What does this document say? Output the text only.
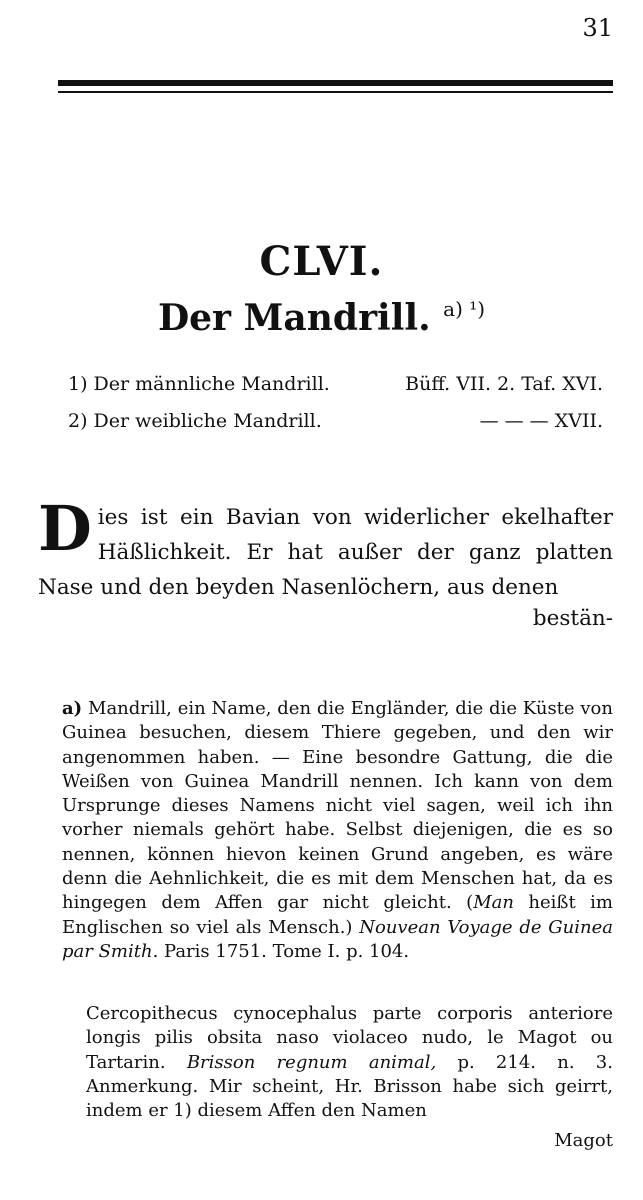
31
CLVI.
Der Mandrill. $^{a) ^1)}$
1) Der männliche Mandrill.	Büff. VII. 2. Taf. XVI.
2) Der weibliche Mandrill.	— — — XVII.
Dies ist ein Bavian von widerlicher ekelhafter Häßlichkeit. Er hat außer der ganz platten Nase und den beyden Nasenlöchern, aus denen
bestän-
a) Mandrill, ein Name, den die Engländer, die die Küste von Guinea besuchen, diesem Thiere gegeben, und den wir angenommen haben. — Eine besondre Gattung, die die Weißen von Guinea Mandrill nennen. Ich kann von dem Ursprunge dieses Namens nicht viel sagen, weil ich ihn vorher niemals gehört habe. Selbst diejenigen, die es so nennen, können hievon keinen Grund angeben, es wäre denn die Aehnlichkeit, die es mit dem Menschen hat, da es hingegen dem Affen gar nicht gleicht. (Man heißt im Englischen so viel als Mensch.) Nouvean Voyage de Guinea par Smith. Paris 1751. Tome I. p. 104.
Cercopithecus cynocephalus parte corporis anteriore longis pilis obsita naso violaceo nudo, le Magot ou Tartarin. Brisson regnum animal, p. 214. n. 3. Anmerkung. Mir scheint, Hr. Brisson habe sich geirrt, indem er 1) diesem Affen den Namen
Magot
